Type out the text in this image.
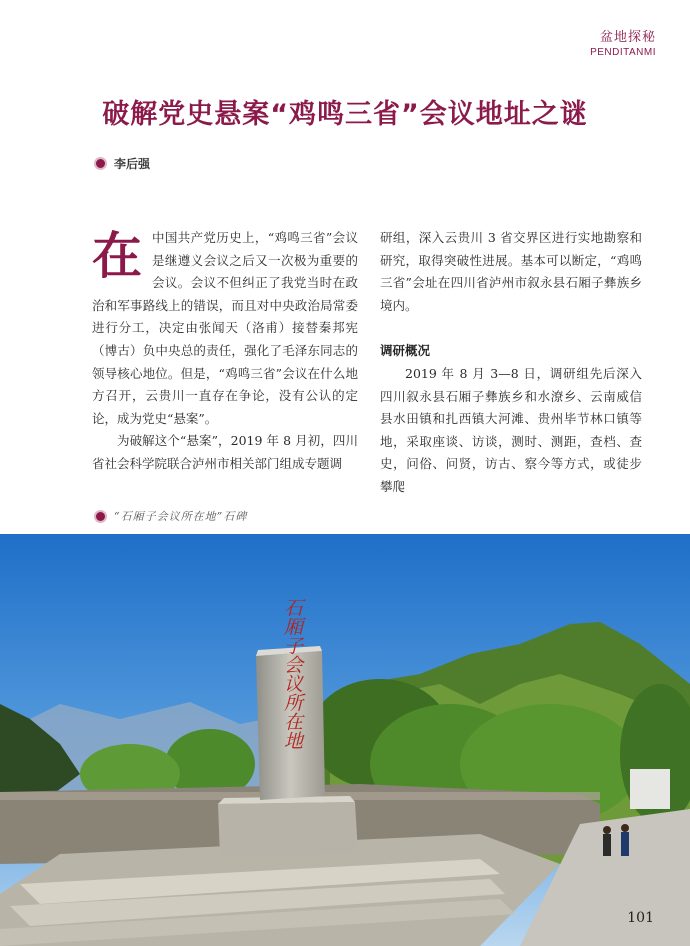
盆地探秘
PENDITANMI
破解党史悬案“鸡鸣三省”会议地址之谜
李后强

在中国共产党历史上，“鸡鸣三省”会议是继遵义会议之后又一次极为重要的会议。会议不但纠正了我党当时在政治和军事路线上的错误，而且对中央政治局常委进行分工，决定由张闻天（洛甫）接替秦邦宪（博古）负中央总的责任，强化了毛泽东同志的领导核心地位。但是，“鸡鸣三省”会议在什么地方召开，云贵川一直存在争论，没有公认的定论，成为党史“悬案”。

为破解这个“悬案”，2019 年 8 月初，四川省社会科学院联合泸州市相关部门组成专题调

研组，深入云贵川 3 省交界区进行实地勘察和研究，取得突破性进展。基本可以断定，“鸡鸣三省”会址在四川省泸州市叙永县石厢子彝族乡境内。

调研概况

2019 年 8 月 3—8 日，调研组先后深入四川叙永县石厢子彝族乡和水潦乡、云南威信县水田镇和扎西镇大河滩、贵州毕节林口镇等地，采取座谈、访谈，测时、测距，查档、查史，问俗、问贤，访古、察今等方式，或徒步攀爬

“石厢子会议所在地”石碑
石厢子会议所在地
101
